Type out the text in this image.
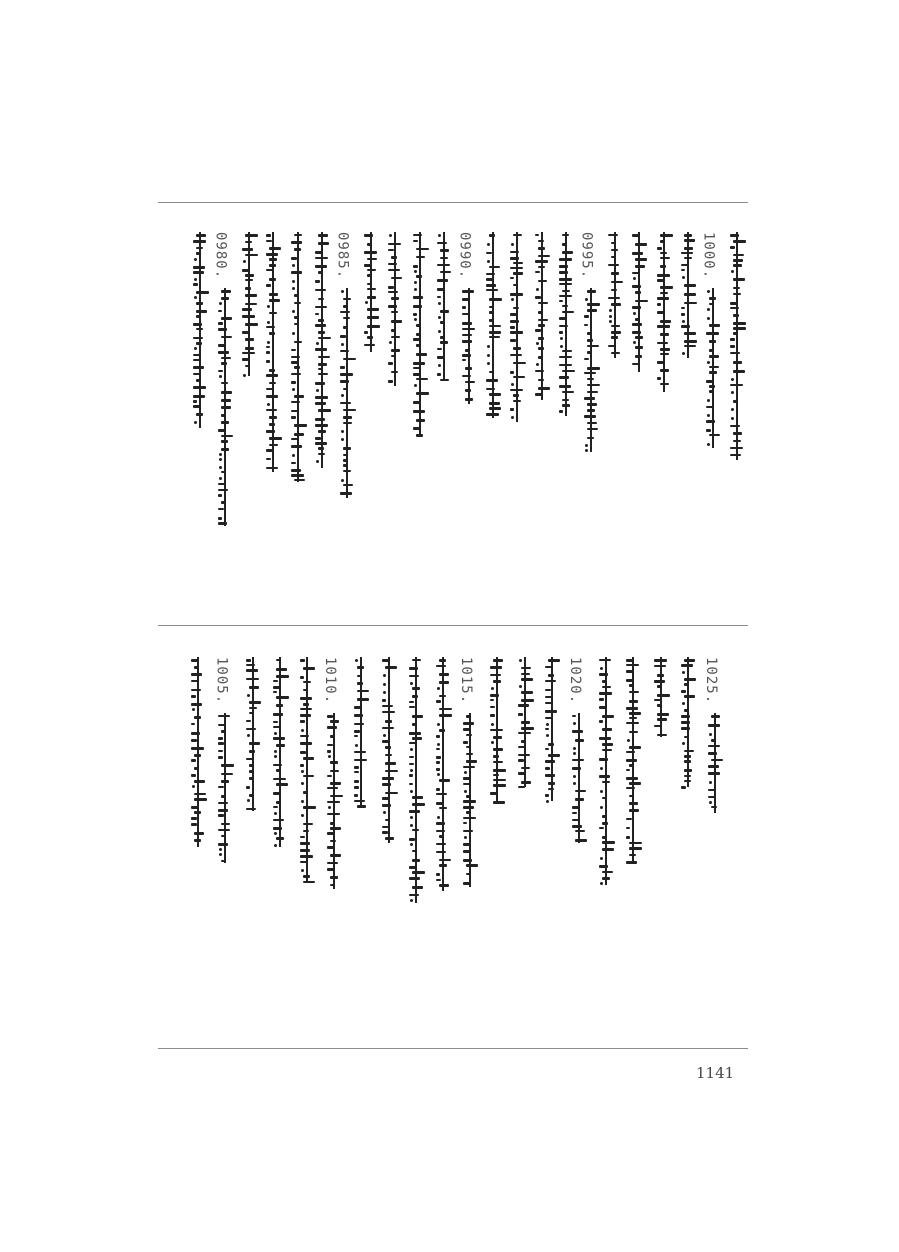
1000.
0995.
0990.
0985.
0980.
1025.
1020.
1015.
1010.
1005.
1141
